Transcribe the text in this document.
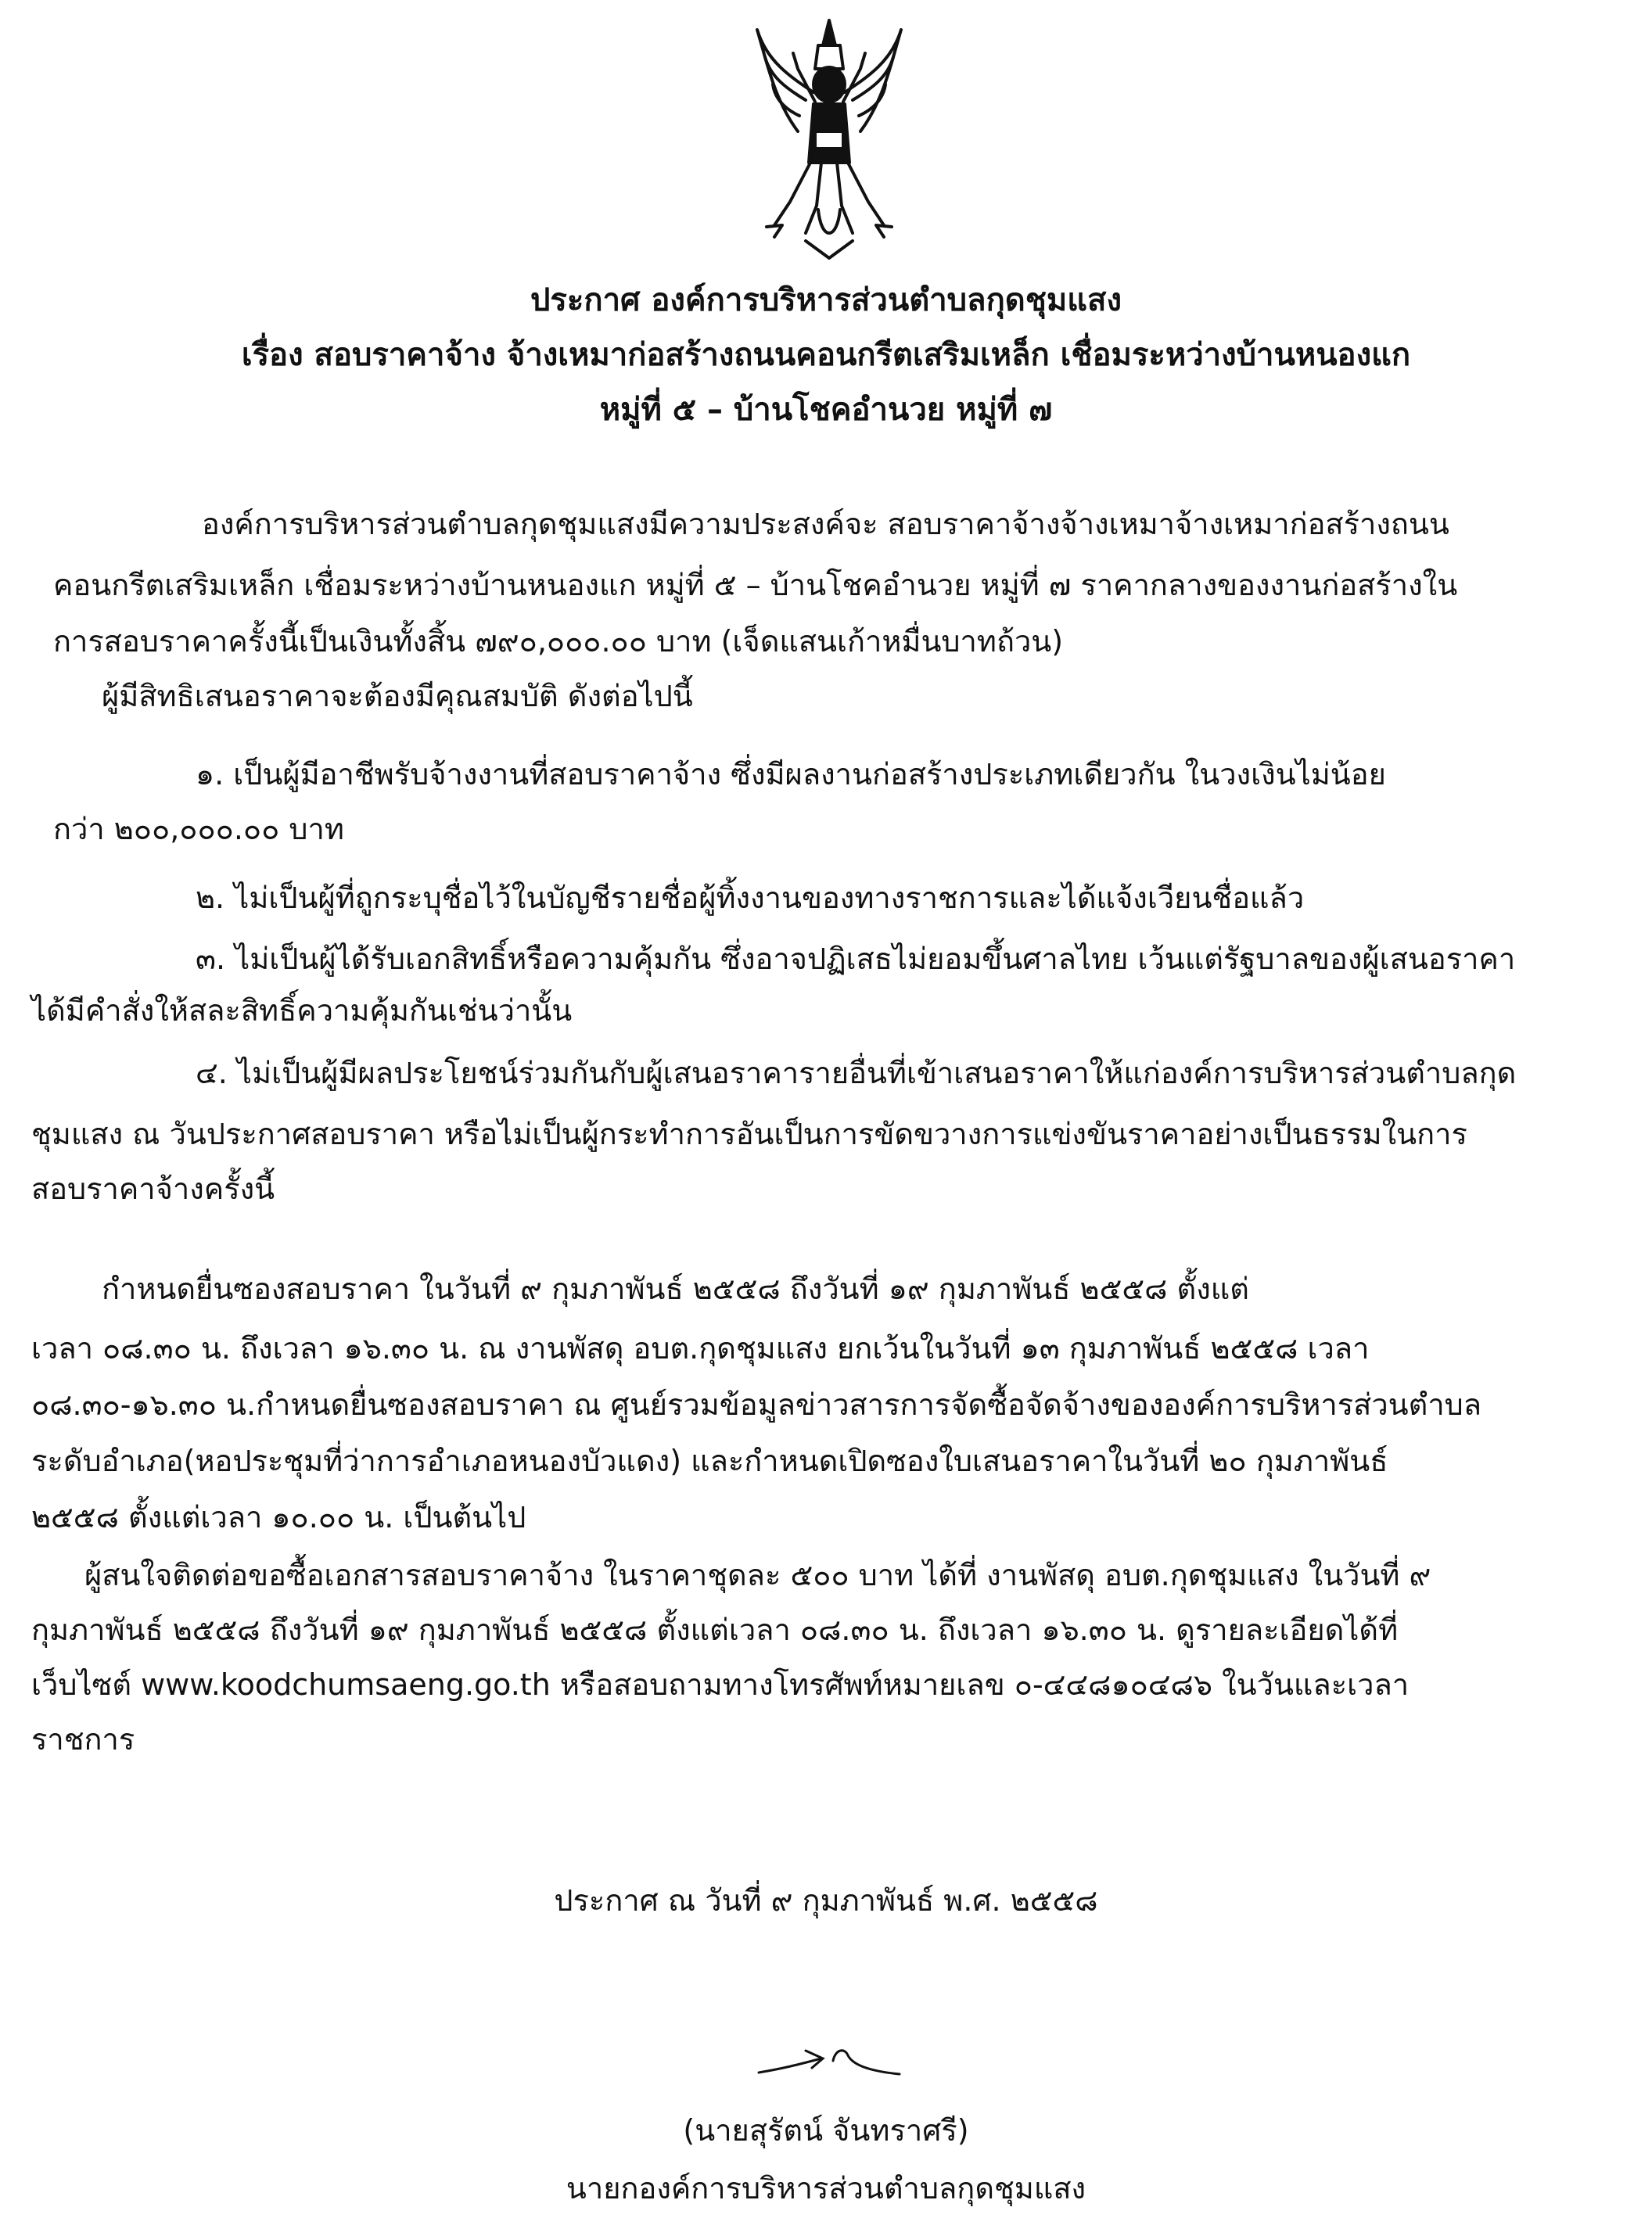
ประกาศ องค์การบริหารส่วนตำบลกุดชุมแสง
เรื่อง สอบราคาจ้าง จ้างเหมาก่อสร้างถนนคอนกรีตเสริมเหล็ก เชื่อมระหว่างบ้านหนองแก
หมู่ที่ ๕ – บ้านโชคอำนวย หมู่ที่ ๗
องค์การบริหารส่วนตำบลกุดชุมแสงมีความประสงค์จะ สอบราคาจ้างจ้างเหมาจ้างเหมาก่อสร้างถนน
คอนกรีตเสริมเหล็ก เชื่อมระหว่างบ้านหนองแก หมู่ที่ ๕ – บ้านโชคอำนวย หมู่ที่ ๗ ราคากลางของงานก่อสร้างใน
การสอบราคาครั้งนี้เป็นเงินทั้งสิ้น ๗๙๐,๐๐๐.๐๐ บาท (เจ็ดแสนเก้าหมื่นบาทถ้วน)
ผู้มีสิทธิเสนอราคาจะต้องมีคุณสมบัติ ดังต่อไปนี้
๑. เป็นผู้มีอาชีพรับจ้างงานที่สอบราคาจ้าง ซึ่งมีผลงานก่อสร้างประเภทเดียวกัน ในวงเงินไม่น้อย
กว่า ๒๐๐,๐๐๐.๐๐ บาท
๒. ไม่เป็นผู้ที่ถูกระบุชื่อไว้ในบัญชีรายชื่อผู้ทิ้งงานของทางราชการและได้แจ้งเวียนชื่อแล้ว
๓. ไม่เป็นผู้ได้รับเอกสิทธิ์หรือความคุ้มกัน ซึ่งอาจปฏิเสธไม่ยอมขึ้นศาลไทย เว้นแต่รัฐบาลของผู้เสนอราคา
ได้มีคำสั่งให้สละสิทธิ์ความคุ้มกันเช่นว่านั้น
๔. ไม่เป็นผู้มีผลประโยชน์ร่วมกันกับผู้เสนอราคารายอื่นที่เข้าเสนอราคาให้แก่องค์การบริหารส่วนตำบลกุด
ชุมแสง ณ วันประกาศสอบราคา หรือไม่เป็นผู้กระทำการอันเป็นการขัดขวางการแข่งขันราคาอย่างเป็นธรรมในการ
สอบราคาจ้างครั้งนี้
กำหนดยื่นซองสอบราคา ในวันที่ ๙ กุมภาพันธ์ ๒๕๕๘ ถึงวันที่ ๑๙ กุมภาพันธ์ ๒๕๕๘ ตั้งแต่
เวลา ๐๘.๓๐ น. ถึงเวลา ๑๖.๓๐ น. ณ งานพัสดุ อบต.กุดชุมแสง ยกเว้นในวันที่ ๑๓ กุมภาพันธ์ ๒๕๕๘ เวลา
๐๘.๓๐-๑๖.๓๐ น.กำหนดยื่นซองสอบราคา ณ ศูนย์รวมข้อมูลข่าวสารการจัดซื้อจัดจ้างขององค์การบริหารส่วนตำบล
ระดับอำเภอ(หอประชุมที่ว่าการอำเภอหนองบัวแดง) และกำหนดเปิดซองใบเสนอราคาในวันที่ ๒๐ กุมภาพันธ์
๒๕๕๘ ตั้งแต่เวลา ๑๐.๐๐ น. เป็นต้นไป
ผู้สนใจติดต่อขอซื้อเอกสารสอบราคาจ้าง ในราคาชุดละ ๕๐๐ บาท ได้ที่ งานพัสดุ อบต.กุดชุมแสง ในวันที่ ๙
กุมภาพันธ์ ๒๕๕๘ ถึงวันที่ ๑๙ กุมภาพันธ์ ๒๕๕๘ ตั้งแต่เวลา ๐๘.๓๐ น. ถึงเวลา ๑๖.๓๐ น. ดูรายละเอียดได้ที่
เว็บไซต์ www.koodchumsaeng.go.th หรือสอบถามทางโทรศัพท์หมายเลข ๐-๔๔๘๑๐๔๘๖ ในวันและเวลา
ราชการ
ประกาศ ณ วันที่ ๙ กุมภาพันธ์ พ.ศ. ๒๕๕๘
(นายสุรัตน์ จันทราศรี)
นายกองค์การบริหารส่วนตำบลกุดชุมแสง
